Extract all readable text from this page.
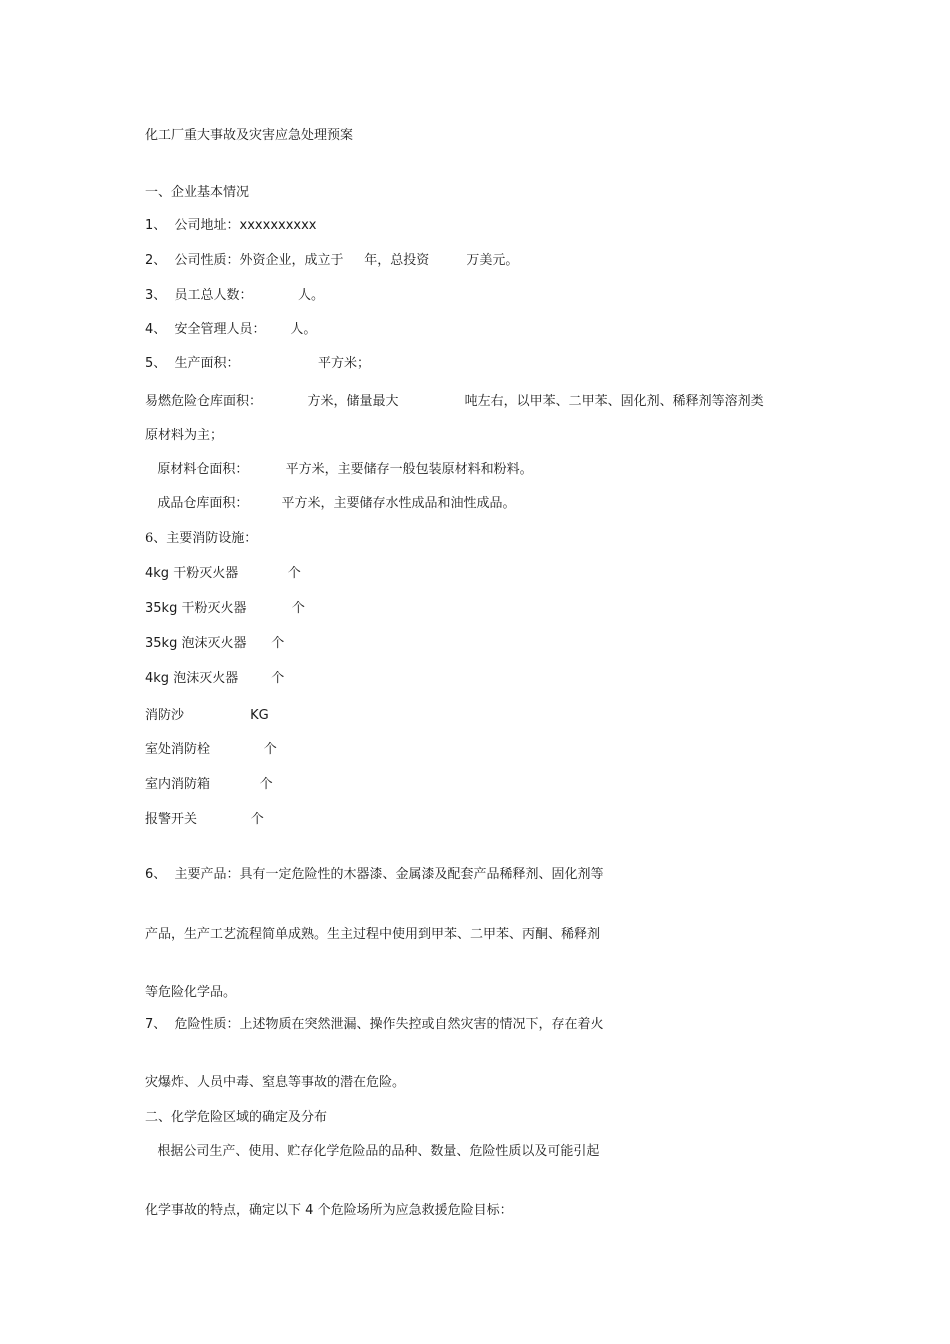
化工厂重大事故及灾害应急处理预案
一、企业基本情况
1、  公司地址：xxxxxxxxxx
2、  公司性质：外资企业，成立于     年，总投资         万美元。
3、  员工总人数：           人。
4、  安全管理人员：      人。
5、  生产面积：                   平方米；
易燃危险仓库面积：           方米，储量最大                吨左右，以甲苯、二甲苯、固化剂、稀释剂等溶剂类
原材料为主；
原材料仓面积：         平方米，主要储存一般包装原材料和粉料。
成品仓库面积：        平方米，主要储存水性成品和油性成品。
6、主要消防设施：
4kg 干粉灭火器            个
35kg 干粉灭火器           个
35kg 泡沫灭火器      个
4kg 泡沫灭火器        个
消防沙                KG
室处消防栓             个
室内消防箱            个
报警开关             个
6、  主要产品：具有一定危险性的木器漆、金属漆及配套产品稀释剂、固化剂等
产品，生产工艺流程简单成熟。生主过程中使用到甲苯、二甲苯、丙酮、稀释剂
等危险化学品。
7、  危险性质：上述物质在突然泄漏、操作失控或自然灾害的情况下，存在着火
灾爆炸、人员中毒、窒息等事故的潜在危险。
二、化学危险区域的确定及分布
根据公司生产、使用、贮存化学危险品的品种、数量、危险性质以及可能引起
化学事故的特点，确定以下 4 个危险场所为应急救援危险目标：
